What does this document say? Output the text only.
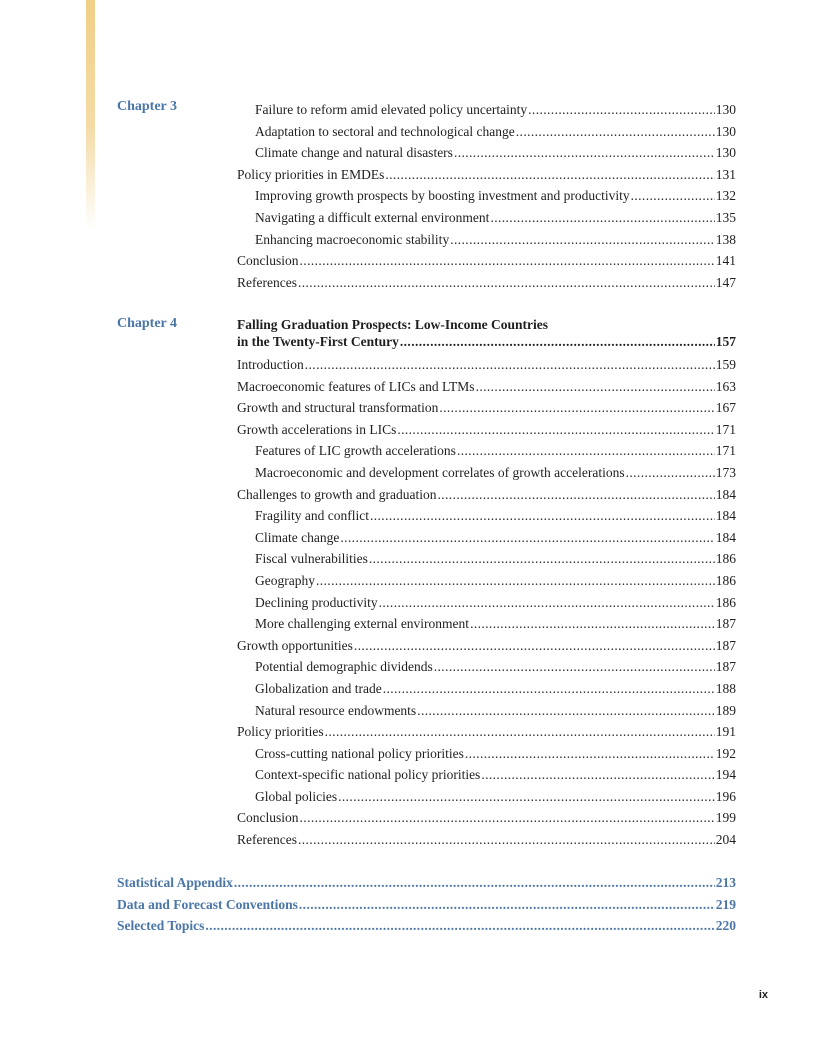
Chapter 3	Failure to reform amid elevated policy uncertainty .....	130
Adaptation to sectoral and technological change .....	130
Climate change and natural disasters .....	130
Policy priorities in EMDEs .....	131
Improving growth prospects by boosting investment and productivity .....	132
Navigating a difficult external environment .....	135
Enhancing macroeconomic stability .....	138
Conclusion .....	141
References .....	147
Chapter 4	Falling Graduation Prospects: Low-Income Countries
in the Twenty-First Century .....	157
Introduction .....	159
Macroeconomic features of LICs and LTMs .....	163
Growth and structural transformation .....	167
Growth accelerations in LICs .....	171
Features of LIC growth accelerations .....	171
Macroeconomic and development correlates of growth accelerations .....	173
Challenges to growth and graduation .....	184
Fragility and conflict .....	184
Climate change .....	184
Fiscal vulnerabilities .....	186
Geography .....	186
Declining productivity .....	186
More challenging external environment .....	187
Growth opportunities .....	187
Potential demographic dividends .....	187
Globalization and trade .....	188
Natural resource endowments .....	189
Policy priorities .....	191
Cross-cutting national policy priorities .....	192
Context-specific national policy priorities .....	194
Global policies .....	196
Conclusion .....	199
References .....	204
Statistical Appendix .....	213
Data and Forecast Conventions .....	219
Selected Topics .....	220
ix
